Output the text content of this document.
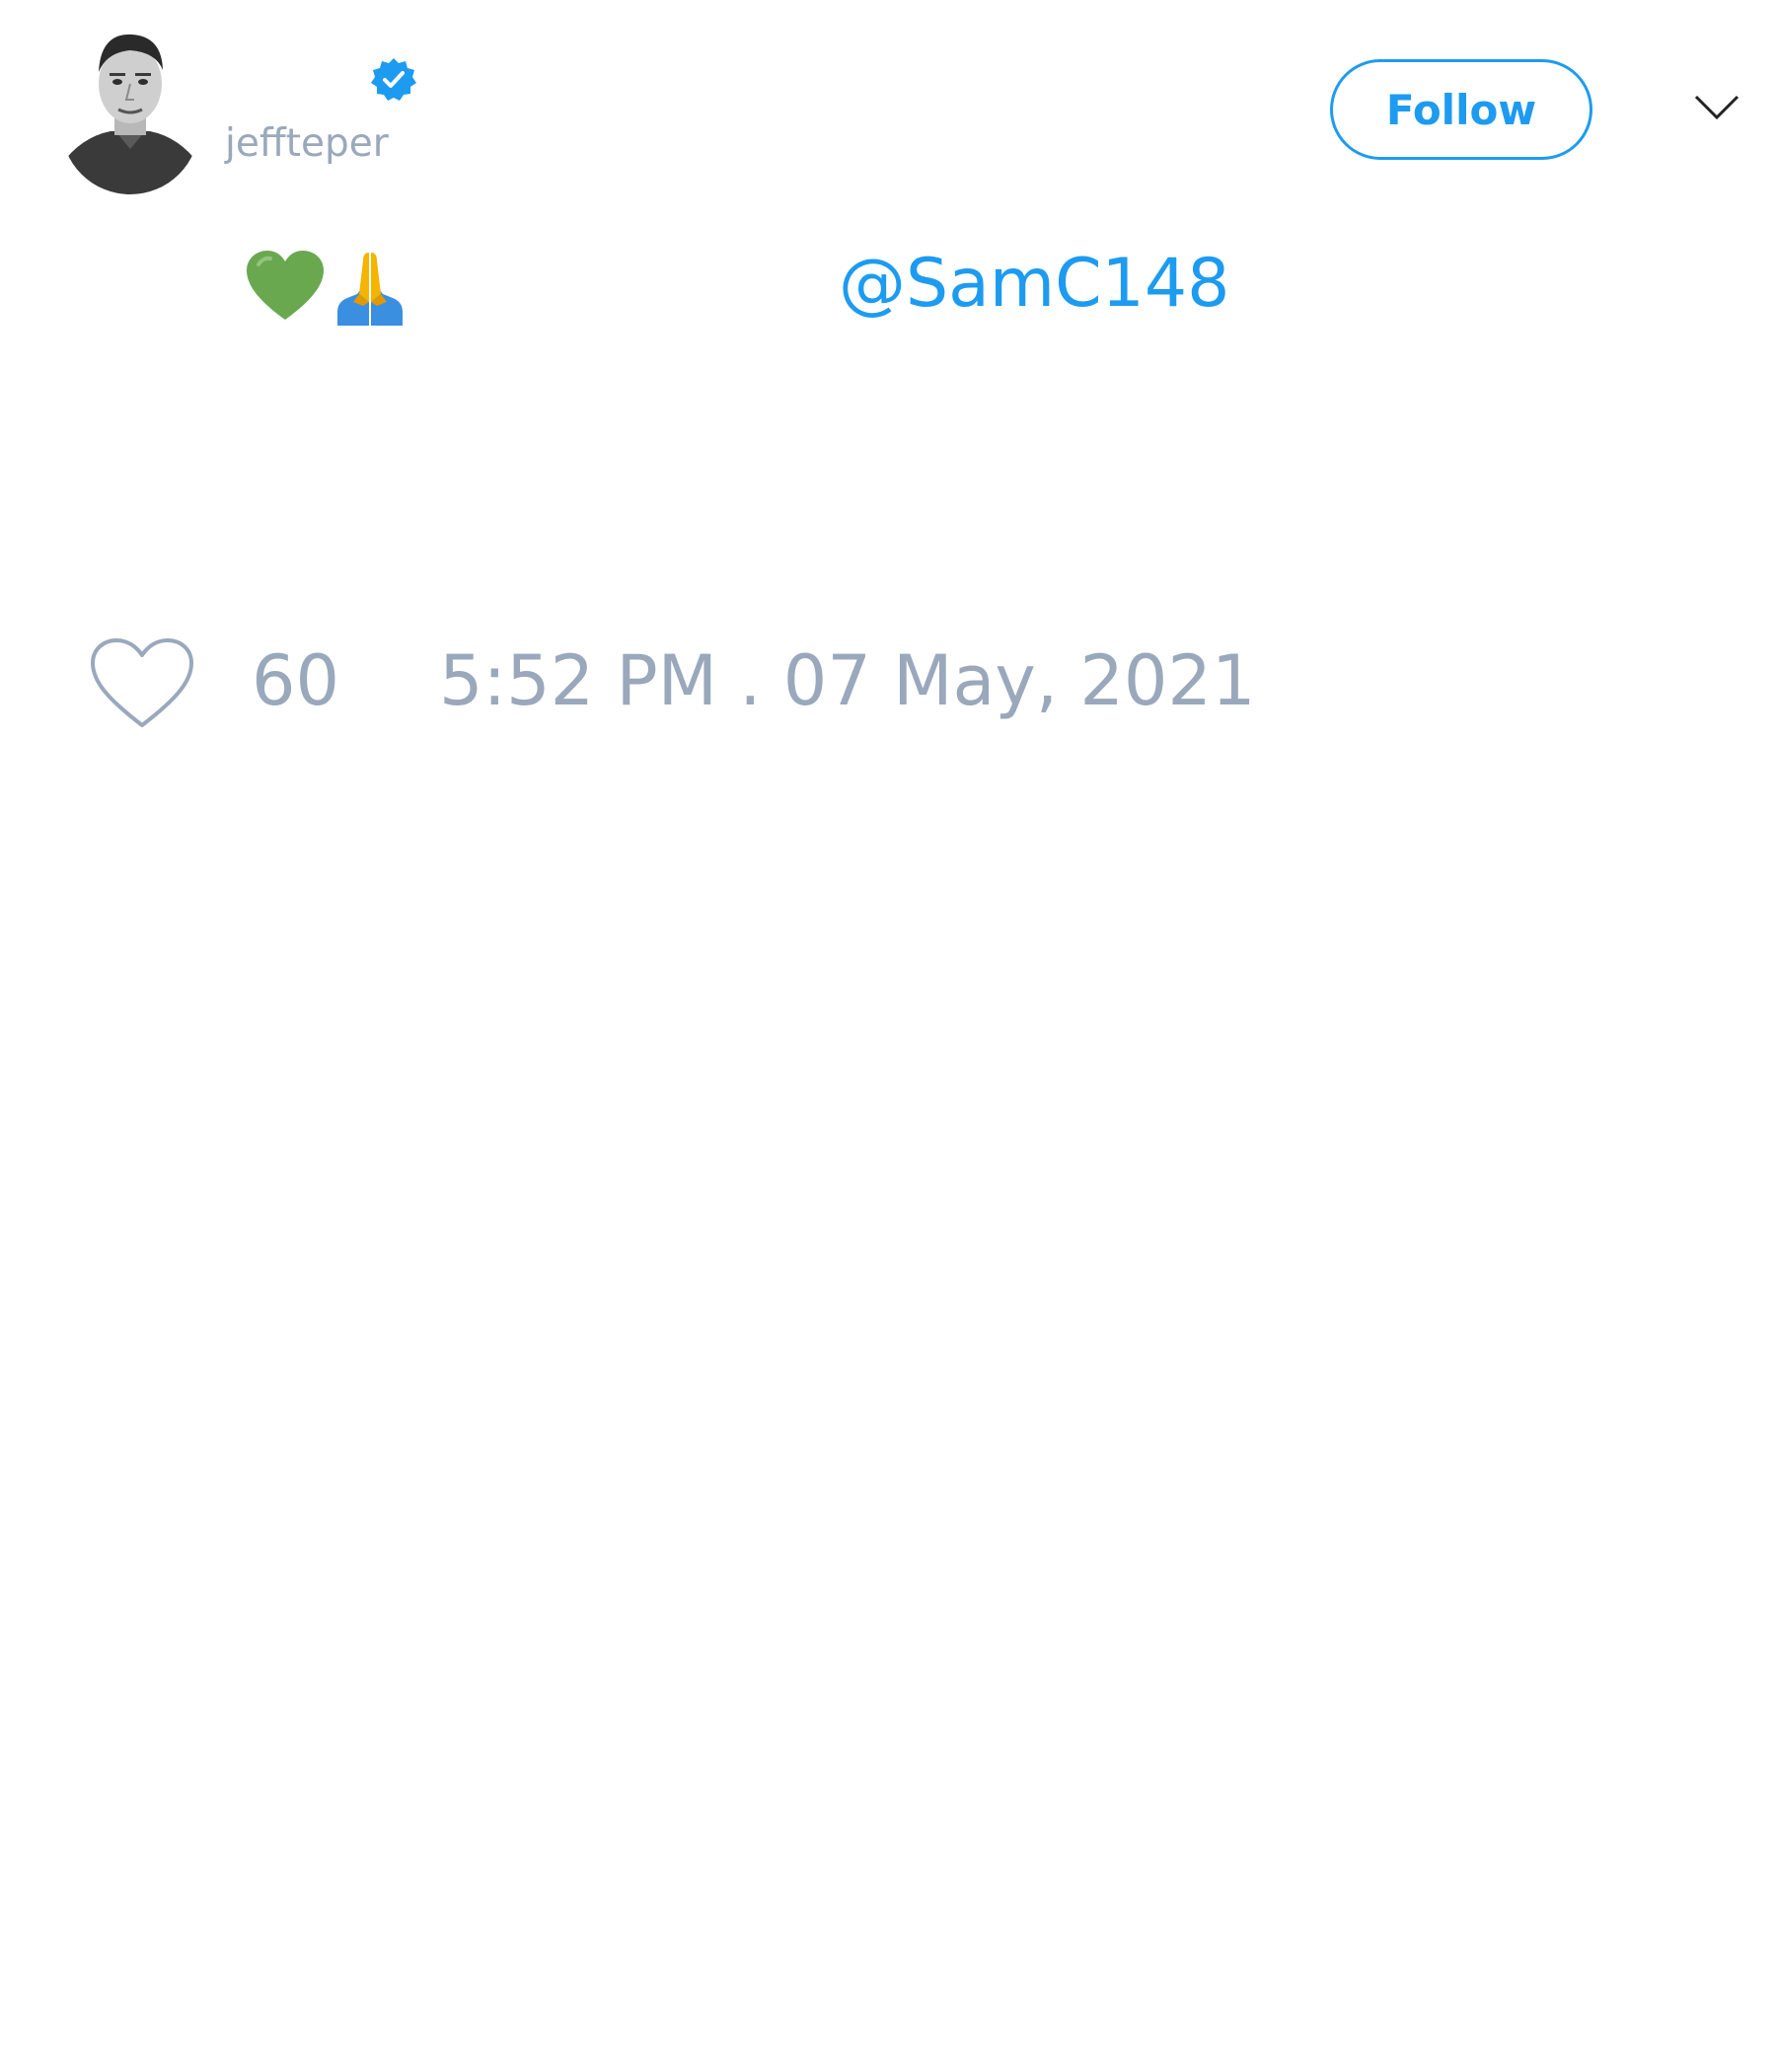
jeffteper
Follow
@SamC148
60 5:52 PM . 07 May, 2021
